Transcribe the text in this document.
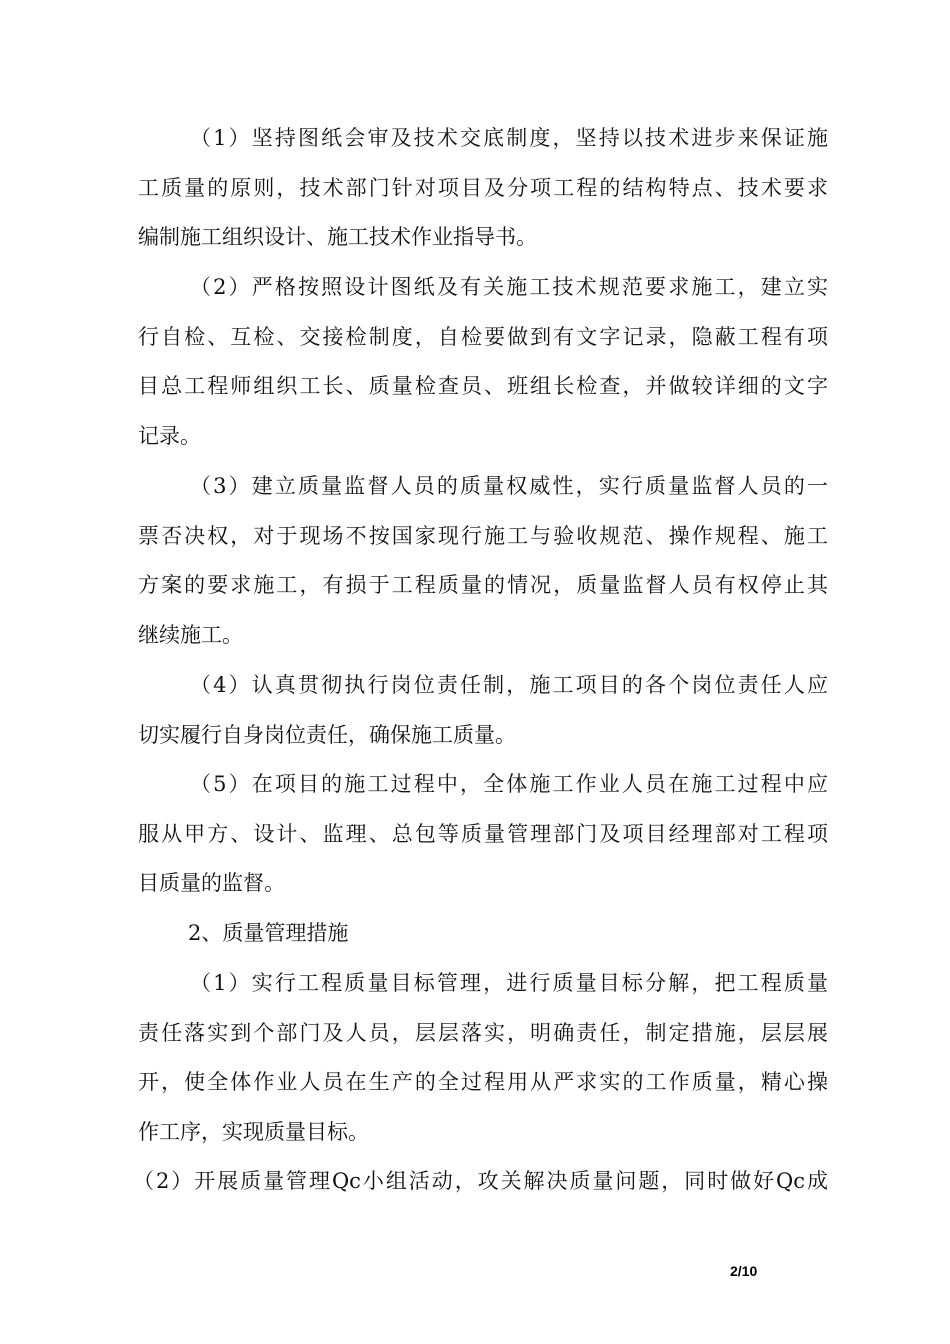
（1）坚持图纸会审及技术交底制度，坚持以技术进步来保证施
工质量的原则，技术部门针对项目及分项工程的结构特点、技术要求
编制施工组织设计、施工技术作业指导书。
（2）严格按照设计图纸及有关施工技术规范要求施工，建立实
行自检、互检、交接检制度，自检要做到有文字记录，隐蔽工程有项
目总工程师组织工长、质量检查员、班组长检查，并做较详细的文字
记录。
（3）建立质量监督人员的质量权威性，实行质量监督人员的一
票否决权，对于现场不按国家现行施工与验收规范、操作规程、施工
方案的要求施工，有损于工程质量的情况，质量监督人员有权停止其
继续施工。
（4）认真贯彻执行岗位责任制，施工项目的各个岗位责任人应
切实履行自身岗位责任，确保施工质量。
（5）在项目的施工过程中，全体施工作业人员在施工过程中应
服从甲方、设计、监理、总包等质量管理部门及项目经理部对工程项
目质量的监督。
2、质量管理措施
（1）实行工程质量目标管理，进行质量目标分解，把工程质量
责任落实到个部门及人员，层层落实，明确责任，制定措施，层层展
开，使全体作业人员在生产的全过程用从严求实的工作质量，精心操
作工序，实现质量目标。
（2）开展质量管理Qc小组活动，攻关解决质量问题，同时做好Qc成
2/10
